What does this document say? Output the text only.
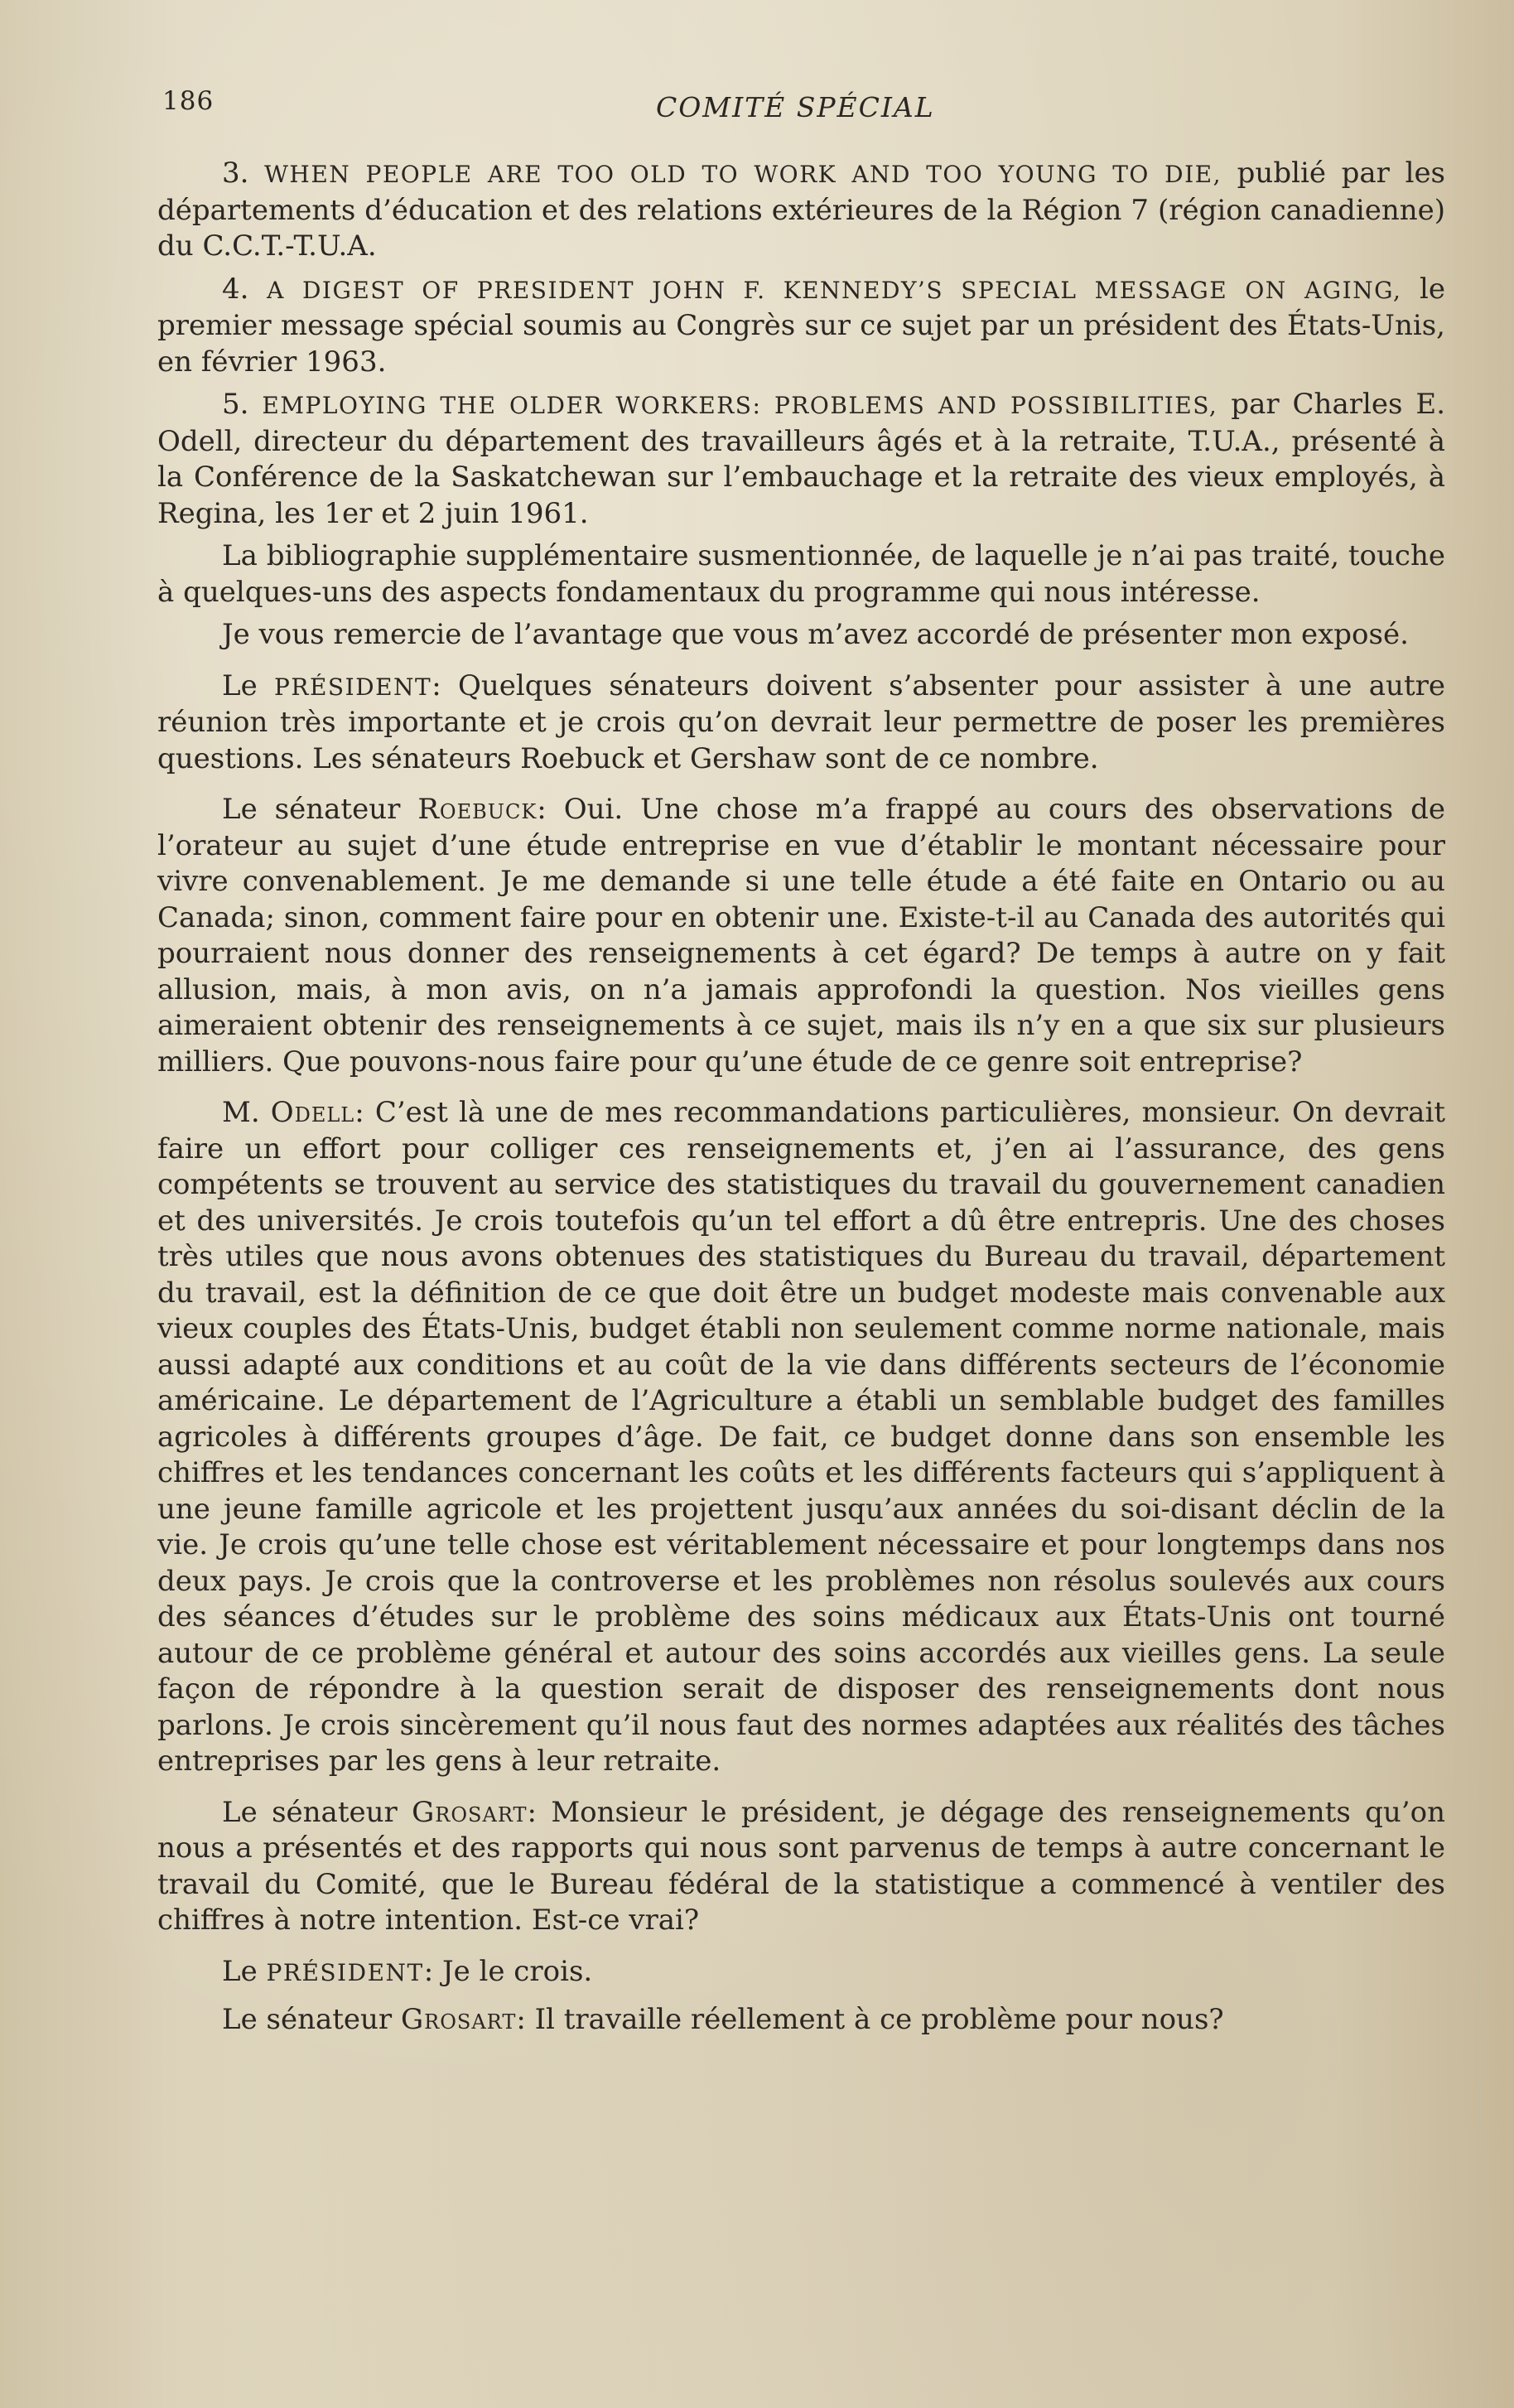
186	COMITÉ SPÉCIAL

3. WHEN PEOPLE ARE TOO OLD TO WORK AND TOO YOUNG TO DIE, publié par les départements d’éducation et des relations extérieures de la Région 7 (région canadienne) du C.C.T.-T.U.A.

4. A DIGEST OF PRESIDENT JOHN F. KENNEDY’S SPECIAL MESSAGE ON AGING, le premier message spécial soumis au Congrès sur ce sujet par un président des États-Unis, en février 1963.

5. EMPLOYING THE OLDER WORKERS: PROBLEMS AND POSSIBILITIES, par Charles E. Odell, directeur du département des travailleurs âgés et à la retraite, T.U.A., présenté à la Conférence de la Saskatchewan sur l’embauchage et la retraite des vieux employés, à Regina, les 1er et 2 juin 1961.

La bibliographie supplémentaire susmentionnée, de laquelle je n’ai pas traité, touche à quelques-uns des aspects fondamentaux du programme qui nous intéresse.

Je vous remercie de l’avantage que vous m’avez accordé de présenter mon exposé.

Le PRÉSIDENT: Quelques sénateurs doivent s’absenter pour assister à une autre réunion très importante et je crois qu’on devrait leur permettre de poser les premières questions. Les sénateurs Roebuck et Gershaw sont de ce nombre.

Le sénateur Roebuck: Oui. Une chose m’a frappé au cours des observations de l’orateur au sujet d’une étude entreprise en vue d’établir le montant nécessaire pour vivre convenablement. Je me demande si une telle étude a été faite en Ontario ou au Canada; sinon, comment faire pour en obtenir une. Existe-t-il au Canada des autorités qui pourraient nous donner des renseignements à cet égard? De temps à autre on y fait allusion, mais, à mon avis, on n’a jamais approfondi la question. Nos vieilles gens aimeraient obtenir des renseignements à ce sujet, mais ils n’y en a que six sur plusieurs milliers. Que pouvons-nous faire pour qu’une étude de ce genre soit entreprise?

M. Odell: C’est là une de mes recommandations particulières, monsieur. On devrait faire un effort pour colliger ces renseignements et, j’en ai l’assurance, des gens compétents se trouvent au service des statistiques du travail du gouvernement canadien et des universités. Je crois toutefois qu’un tel effort a dû être entrepris. Une des choses très utiles que nous avons obtenues des statistiques du Bureau du travail, département du travail, est la définition de ce que doit être un budget modeste mais convenable aux vieux couples des États-Unis, budget établi non seulement comme norme nationale, mais aussi adapté aux conditions et au coût de la vie dans différents secteurs de l’économie américaine. Le département de l’Agriculture a établi un semblable budget des familles agricoles à différents groupes d’âge. De fait, ce budget donne dans son ensemble les chiffres et les tendances concernant les coûts et les différents facteurs qui s’appliquent à une jeune famille agricole et les projettent jusqu’aux années du soi-disant déclin de la vie. Je crois qu’une telle chose est véritablement nécessaire et pour longtemps dans nos deux pays. Je crois que la controverse et les problèmes non résolus soulevés aux cours des séances d’études sur le problème des soins médicaux aux États-Unis ont tourné autour de ce problème général et autour des soins accordés aux vieilles gens. La seule façon de répondre à la question serait de disposer des renseignements dont nous parlons. Je crois sincèrement qu’il nous faut des normes adaptées aux réalités des tâches entreprises par les gens à leur retraite.

Le sénateur Grosart: Monsieur le président, je dégage des renseignements qu’on nous a présentés et des rapports qui nous sont parvenus de temps à autre concernant le travail du Comité, que le Bureau fédéral de la statistique a commencé à ventiler des chiffres à notre intention. Est-ce vrai?

Le PRÉSIDENT: Je le crois.

Le sénateur Grosart: Il travaille réellement à ce problème pour nous?
